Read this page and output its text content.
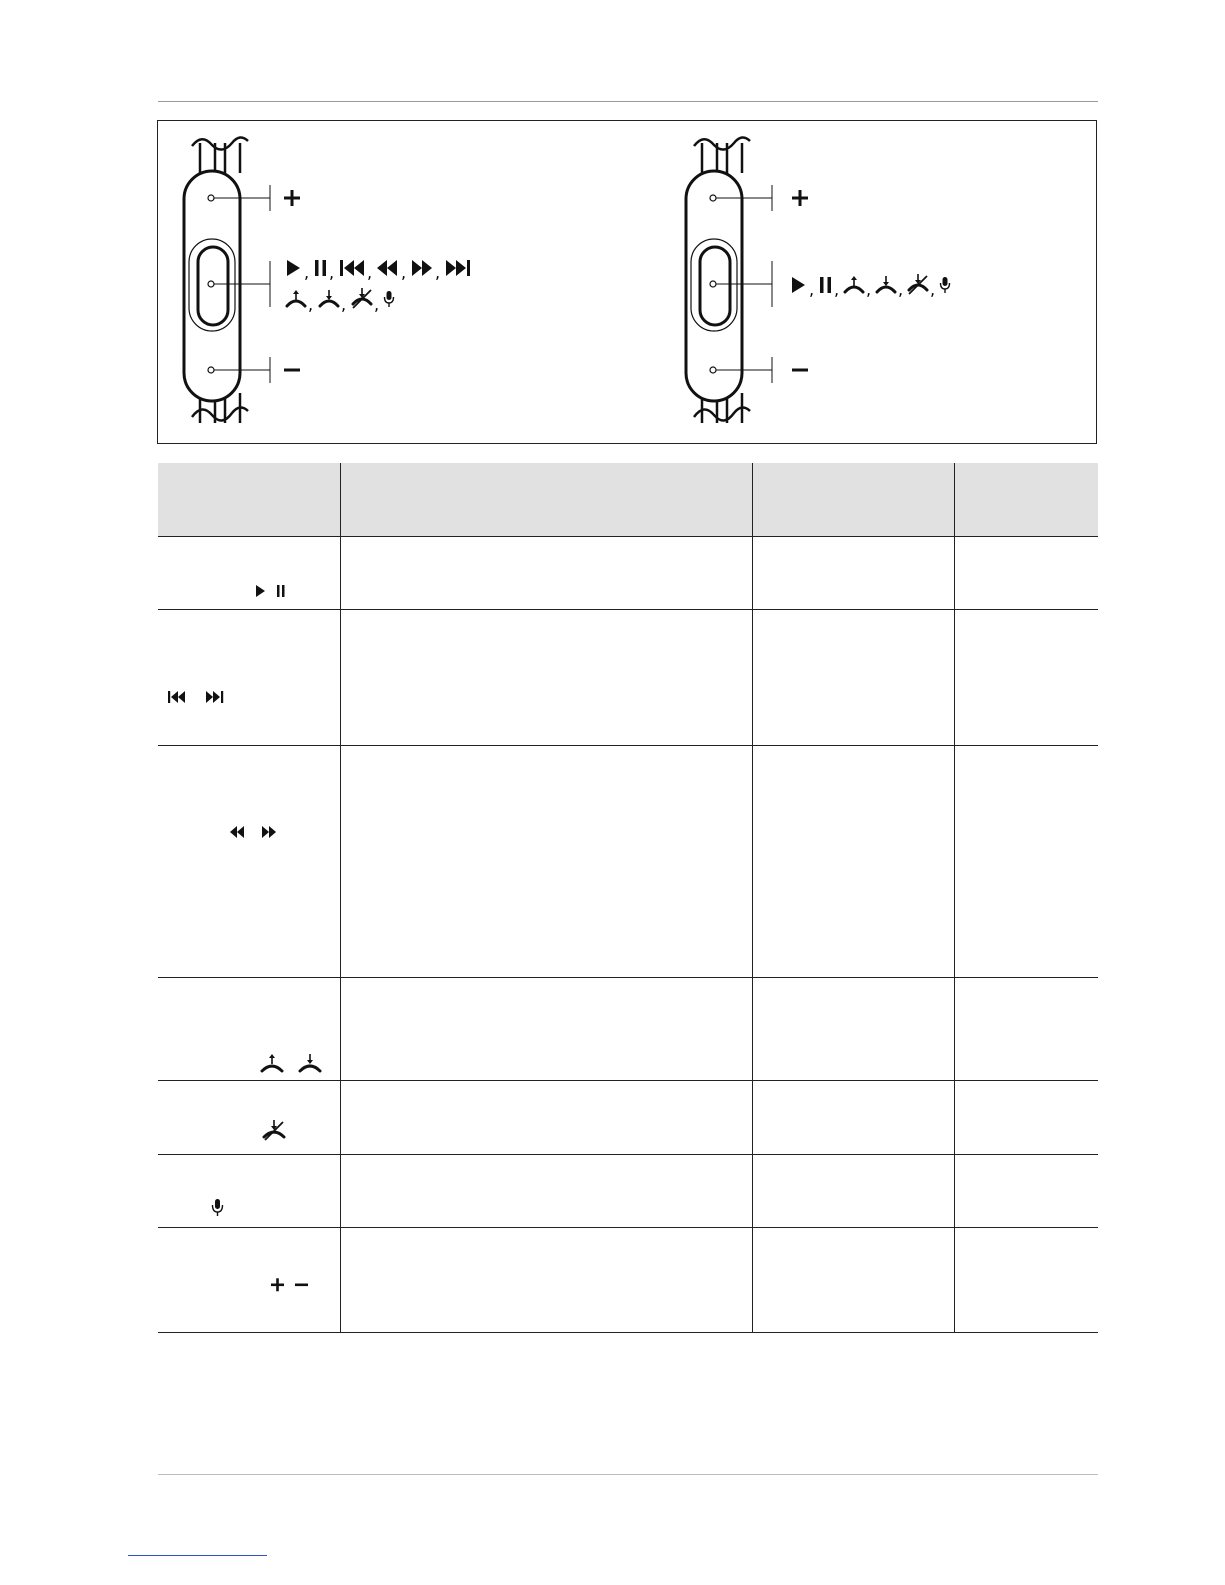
, , , , ,
, , ,
, , , , ,
